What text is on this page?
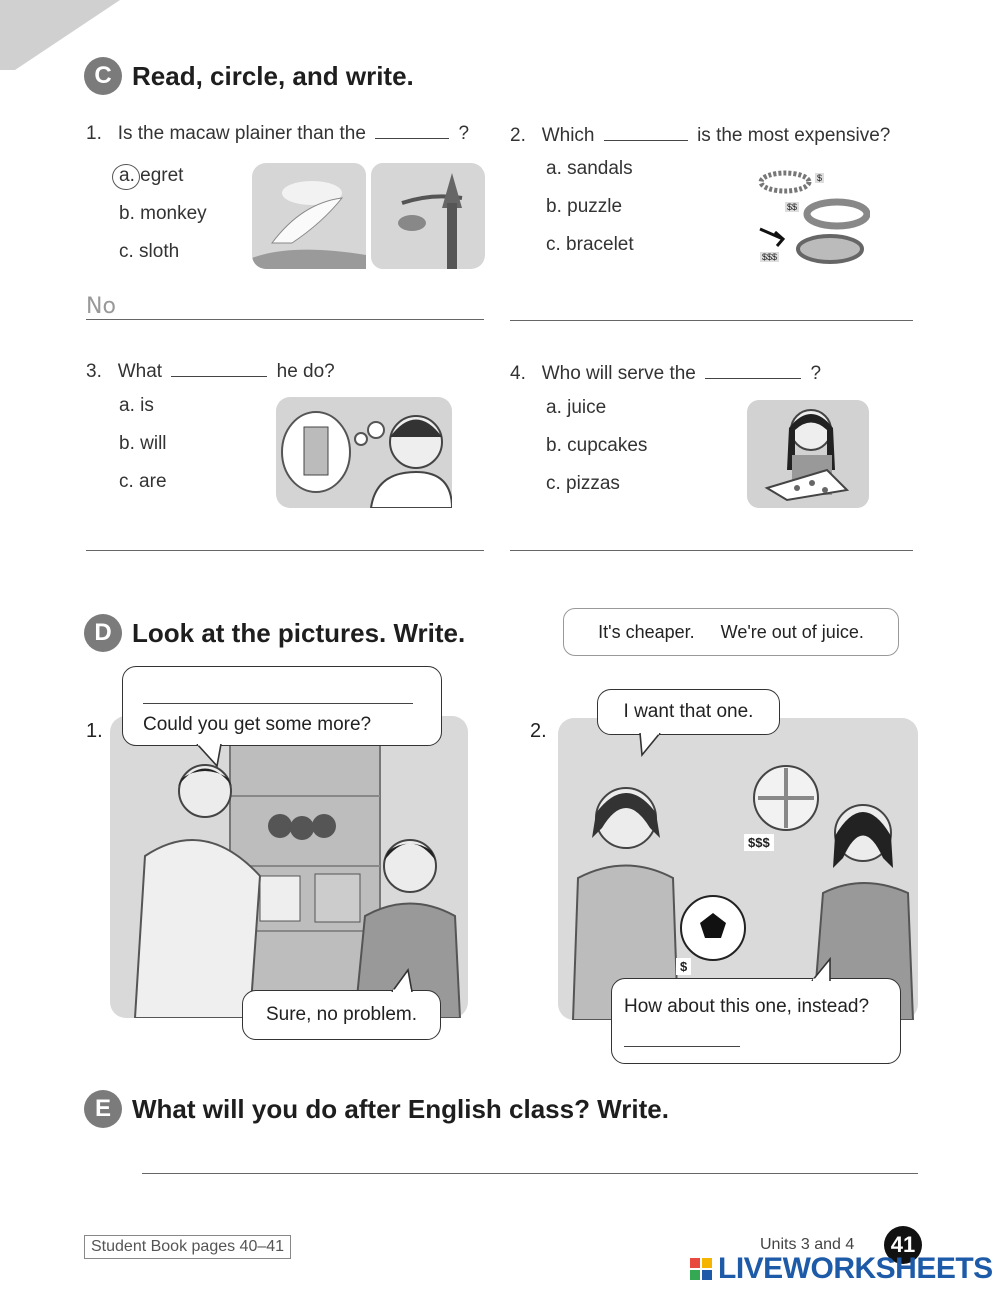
C Read, circle, and write.
1. Is the macaw plainer than the	?
a. egret
b. monkey
c. sloth
No
2. Which	is the most expensive?
a. sandals
b. puzzle
c. bracelet
$
$$
$$$
3. What	he do?
a. is
b. will
c. are
4. Who will serve the	?
a. juice
b. cupcakes
c. pizzas
D Look at the pictures. Write.	It's cheaper. We're out of juice.
1. Could you get some more?
Sure, no problem.
2.
$$$
$
I want that one.
How about this one, instead?
E What will you do after English class? Write.
Student Book pages 40–41	Units 3 and 4	41
LIVEWORKSHEETS
